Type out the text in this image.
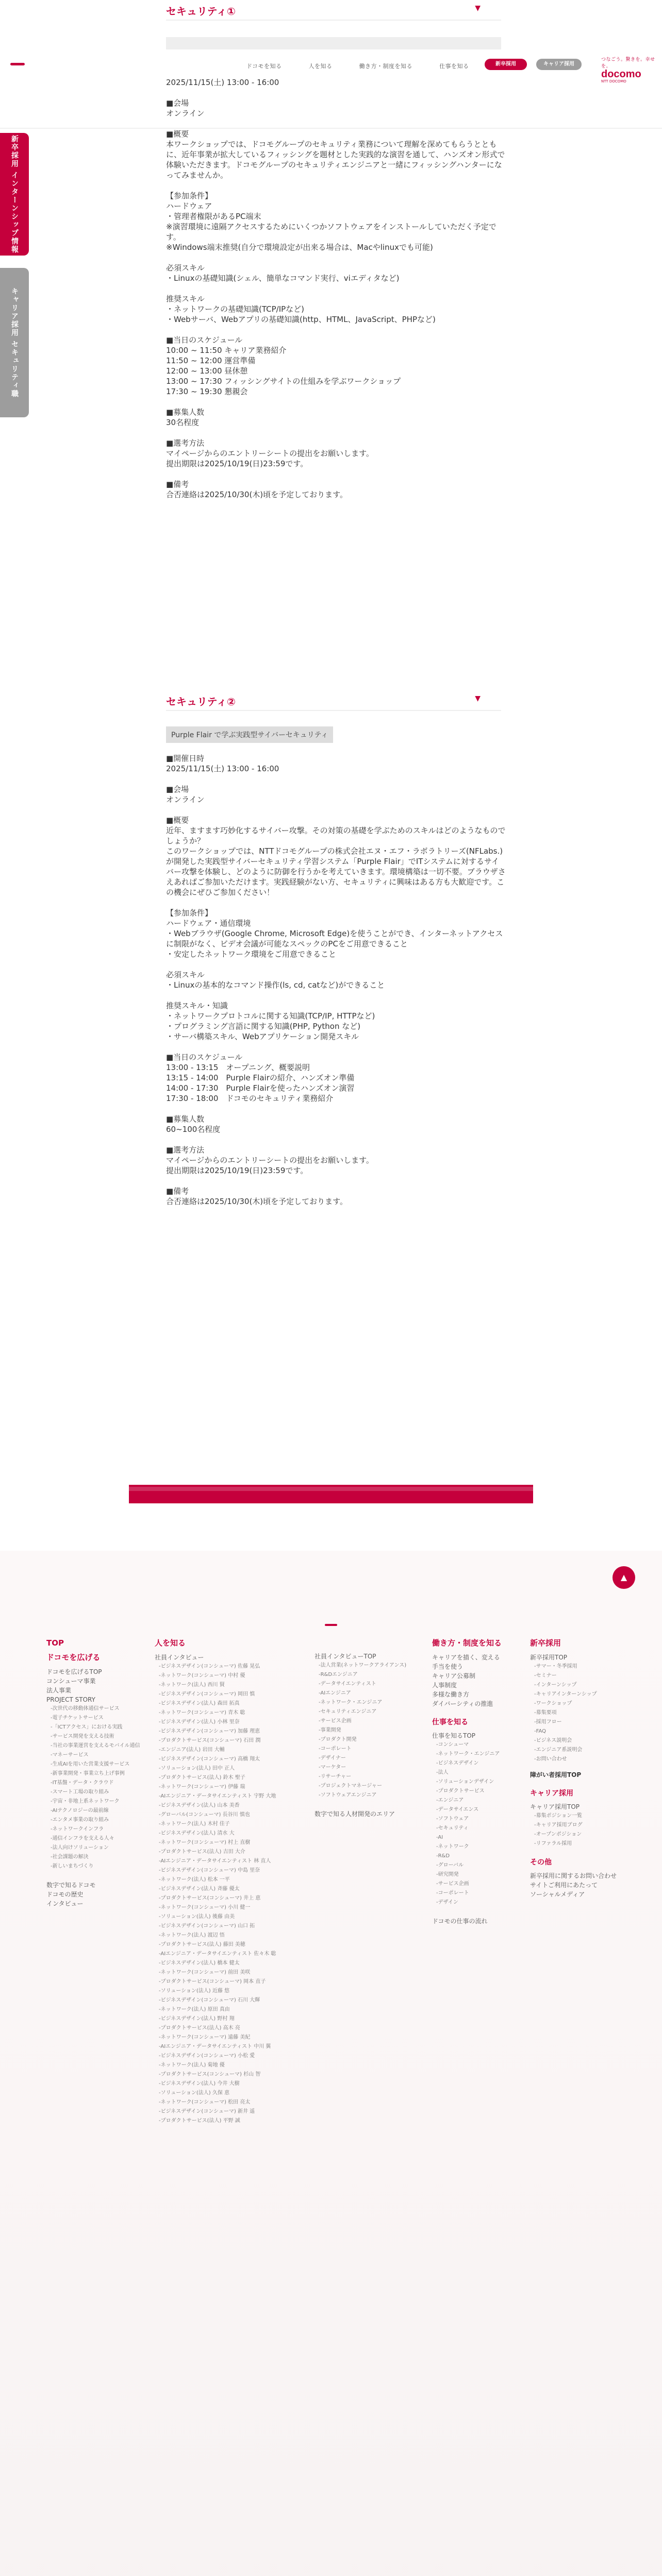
ドコモを知る	人を知る	働き方・制度を知る	仕事を知る	新卒採用	キャリア採用
つなごう。驚きを。幸せを。
docomo
NTT DOCOMO
新卒採用 インターンシップ情報
キャリア採用 セキュリティ職
セキュリティ①	▼
2025/11/15(土) 13:00 - 16:00

■会場
オンライン

■概要
本ワークショップでは、ドコモグループのセキュリティ業務について理解を深めてもらうとともに、近年事業が拡大しているフィッシングを題材とした実践的な演習を通して、ハンズオン形式で体験いただきます。ドコモグループのセキュリティエンジニアと一緒にフィッシングハンターになってみませんか。

【参加条件】
ハードウェア
・管理者権限があるPC端末
※演習環境に遠隔アクセスするためにいくつかソフトウェアをインストールしていただく予定です。
※Windows端末推奨(自分で環境設定が出来る場合は、Macやlinuxでも可能)

必須スキル
・Linuxの基礎知識(シェル、簡単なコマンド実行、viエディタなど)

推奨スキル
・ネットワークの基礎知識(TCP/IPなど)
・Webサーバ、Webアプリの基礎知識(http、HTML、JavaScript、PHPなど)

■当日のスケジュール
10:00 ~ 11:50 キャリア業務紹介
11:50 ~ 12:00 運営準備
12:00 ~ 13:00 昼休憩
13:00 ~ 17:30 フィッシングサイトの仕組みを学ぶワークショップ
17:30 ~ 19:30 懇親会

■募集人数
30名程度

■選考方法
マイページからのエントリーシートの提出をお願いします。
提出期限は2025/10/19(日)23:59です。

■備考
合否連絡は2025/10/30(木)頃を予定しております。
セキュリティ②	▼
Purple Flair で学ぶ実践型サイバーセキュリティ
■開催日時
2025/11/15(土) 13:00 - 16:00

■会場
オンライン

■概要
近年、ますます巧妙化するサイバー攻撃。その対策の基礎を学ぶためのスキルはどのようなものでしょうか？
このワークショップでは、NTTドコモグループの株式会社エヌ・エフ・ラボラトリーズ(NFLabs.)が開発した実践型サイバーセキュリティ学習システム「Purple Flair」でITシステムに対するサイバー攻撃を体験し、どのように防御を行うかを考えていきます。環境構築は一切不要。ブラウザさえあればご参加いただけます。実践経験がない方、セキュリティに興味はある方も大歓迎です。この機会にぜひご参加ください！

【参加条件】
ハードウェア・通信環境
・Webブラウザ(Google Chrome, Microsoft Edge)を使うことができ、インターネットアクセスに制限がなく、ビデオ会議が可能なスペックのPCをご用意できること
・安定したネットワーク環境をご用意できること

必須スキル
・Linuxの基本的なコマンド操作(ls, cd, catなど)ができること

推奨スキル・知識
・ネットワークプロトコルに関する知識(TCP/IP, HTTPなど)
・プログラミング言語に関する知識(PHP, Python など)
・サーバ構築スキル、Webアプリケーション開発スキル

■当日のスケジュール
13:00 - 13:15　オープニング、概要説明
13:15 - 14:00　Purple Flairの紹介、ハンズオン準備
14:00 - 17:30　Purple Flairを使ったハンズオン演習
17:30 - 18:00　ドコモのセキュリティ業務紹介

■募集人数
60~100名程度

■選考方法
マイページからのエントリーシートの提出をお願いします。
提出期限は2025/10/19(日)23:59です。

■備考
合否連絡は2025/10/30(木)頃を予定しております。
▲
TOP
ドコモを広げる
ドコモを広げるTOP
コンシューマ事業
法人事業
PROJECT STORY
-次世代の移動体通信サービス
-電子チケットサービス
-「ICTアクセス」における実践
-サービス開発を支える技術
-当社の事業運営を支えるモバイル通信
-マネーサービス
-生成AIを用いた営業支援サービス
-新事業開発・事業立ち上げ事例
-IT基盤・データ・クラウド
-スマート工場の取り組み
-宇宙・非地上系ネットワーク
-AIテクノロジーの最前線
-エンタメ事業の取り組み
-ネットワークインフラ
-通信インフラを支える人々
-法人向けソリューション
-社会課題の解決
-新しいまちづくり
数字で知るドコモ
ドコモの歴史
インタビュー
人を知る
社員インタビュー
-ビジネスデザイン(コンシューマ) 佐藤 晃弘
-ネットワーク(コンシューマ) 中村 優
-ネットワーク(法人) 西川 賢
-ビジネスデザイン(コンシューマ) 岡田 慎
-ビジネスデザイン(法人) 森田 拓真
-ネットワーク(コンシューマ) 青木 聡
-ビジネスデザイン(法人) 小林 里奈
-ビジネスデザイン(コンシューマ) 加藤 理恵
-プロダクトサービス(コンシューマ) 石田 潤
-エンジニア(法人) 岩田 大輔
-ビジネスデザイン(コンシューマ) 高橋 翔太
-ソリューション(法人) 田中 正人
-プロダクトサービス(法人) 鈴木 聖子
-ネットワーク(コンシューマ) 伊藤 瑞
-AIエンジニア・データサイエンティスト 宇野 大地
-ビジネスデザイン(法人) 山本 美香
-グローバル(コンシューマ) 長谷川 慎也
-ネットワーク(法人) 木村 佳子
-ビジネスデザイン(法人) 清水 大
-ネットワーク(コンシューマ) 村上 直樹
-プロダクトサービス(法人) 吉田 大介
-AIエンジニア・データサイエンティスト 林 直人
-ビジネスデザイン(コンシューマ) 中島 里奈
-ネットワーク(法人) 松本 一平
-ビジネスデザイン(法人) 斉藤 優太
-プロダクトサービス(コンシューマ) 井上 恵
-ネットワーク(コンシューマ) 小川 健一
-ソリューション(法人) 後藤 由美
-ビジネスデザイン(コンシューマ) 山口 拓
-ネットワーク(法人) 渡辺 悟
-プロダクトサービス(法人) 藤田 美穂
-AIエンジニア・データサイエンティスト 佐々木 聡
-ビジネスデザイン(法人) 橋本 健太
-ネットワーク(コンシューマ) 前田 美咲
-プロダクトサービス(コンシューマ) 岡本 直子
-ソリューション(法人) 近藤 悠
-ビジネスデザイン(コンシューマ) 石川 大輝
-ネットワーク(法人) 原田 真由
-ビジネスデザイン(法人) 野村 翔
-プロダクトサービス(法人) 高木 亮
-ネットワーク(コンシューマ) 遠藤 美紀
-AIエンジニア・データサイエンティスト 中川 翼
-ビジネスデザイン(コンシューマ) 小松 愛
-ネットワーク(法人) 菊地 優
-プロダクトサービス(コンシューマ) 杉山 智
-ビジネスデザイン(法人) 今井 大樹
-ソリューション(法人) 久保 恵
-ネットワーク(コンシューマ) 松田 亮太
-ビジネスデザイン(コンシューマ) 新井 遥
-プロダクトサービス(法人) 平野 誠
社員インタビューTOP
-法人営業(ネットワークアライアンス)
-R&Dエンジニア
-データサイエンティスト
-AIエンジニア
-ネットワーク・エンジニア
-セキュリティエンジニア
-サービス企画
-事業開発
-プロダクト開発
-コーポレート
-デザイナー
-マーケター
-リサーチャー
-プロジェクトマネージャー
-ソフトウェアエンジニア
数字で知る人材開発のエリア
働き方・制度を知る
キャリアを描く、変える
手当を使う
キャリア公募制
人事制度
多様な働き方
ダイバーシティの推進
仕事を知る
仕事を知るTOP
-コンシューマ
-ネットワーク・エンジニア
-ビジネスデザイン
-法人
-ソリューションデザイン
-プロダクトサービス
-エンジニア
-データサイエンス
-ソフトウェア
-セキュリティ
-AI
-ネットワーク
-R&D
-グローバル
-研究開発
-サービス企画
-コーポレート
-デザイン
ドコモの仕事の流れ
新卒採用
新卒採用TOP
-サマー・冬季採用
-セミナー
-インターンシップ
-キャリアインターンシップ
-ワークショップ
-募集要項
-採用フロー
-FAQ
-ビジネス説明会
-エンジニア系説明会
-お問い合わせ
障がい者採用TOP
キャリア採用
キャリア採用TOP
-募集ポジション一覧
-キャリア採用ブログ
-オープンポジション
-リファラル採用
その他
新卒採用に関するお問い合わせ
サイトご利用にあたって
ソーシャルメディア
